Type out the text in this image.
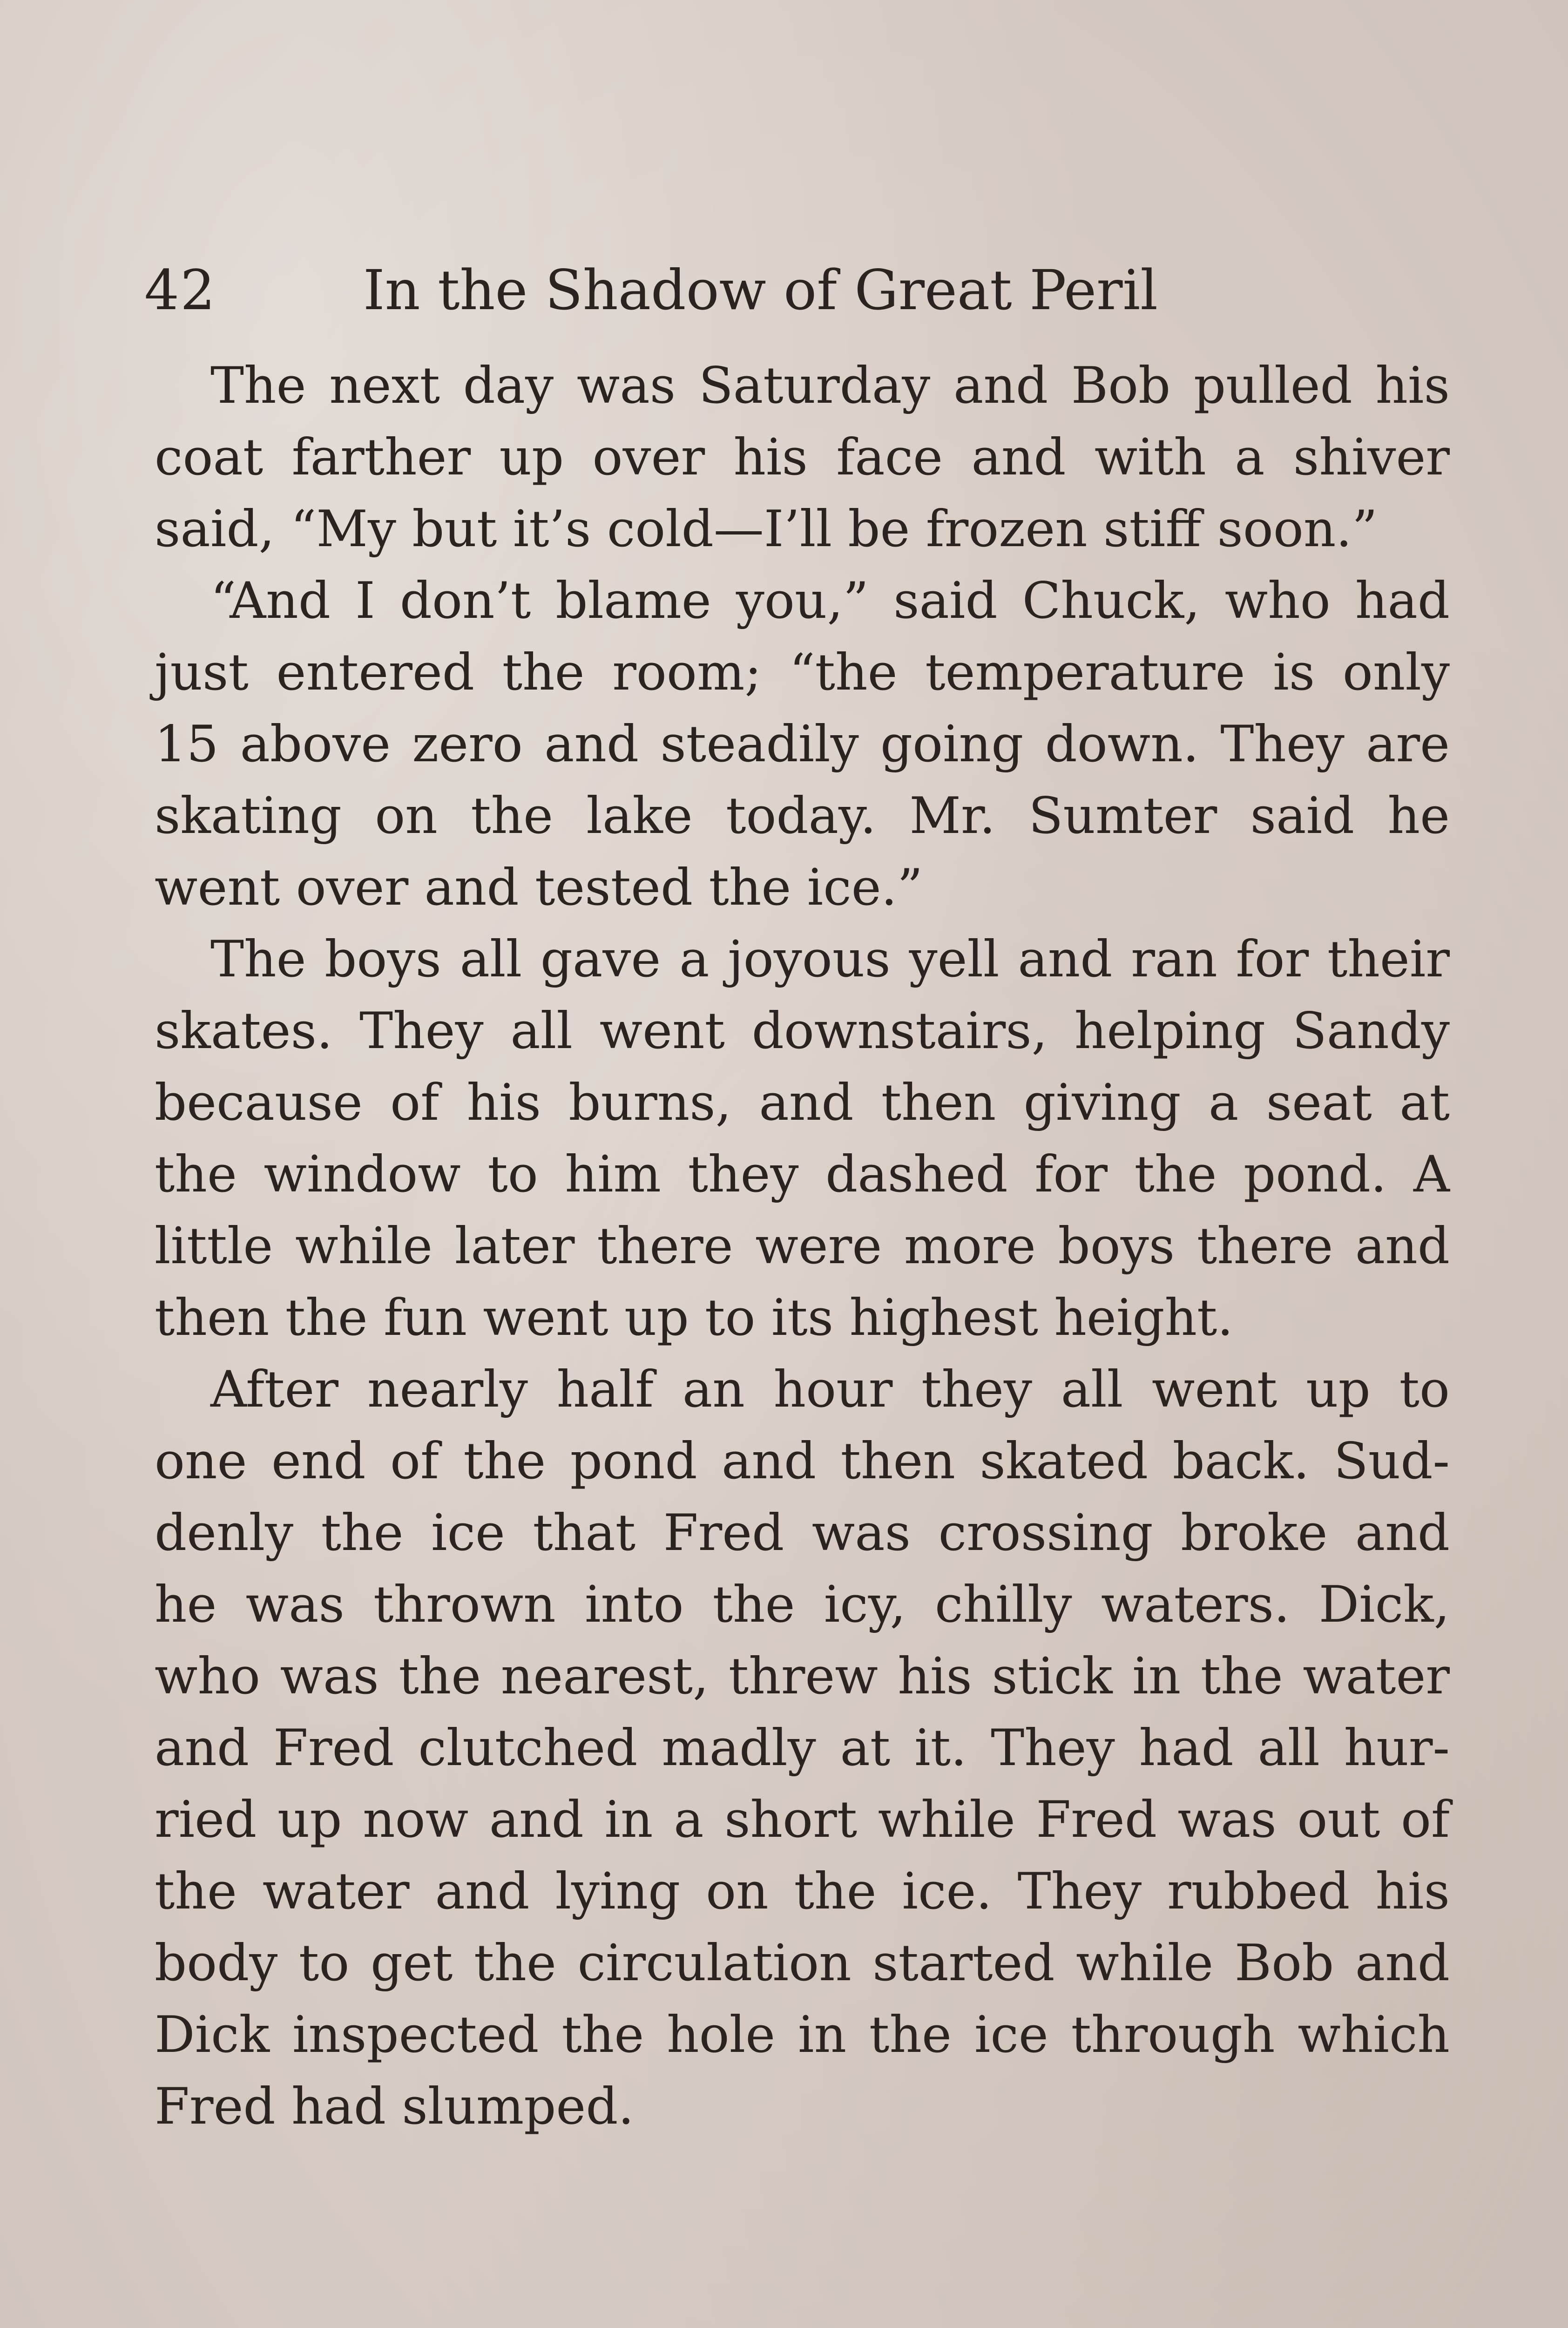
42	In the Shadow of Great Peril
The next day was Saturday and Bob pulled his
coat farther up over his face and with a shiver
said, “My but it’s cold—I’ll be frozen stiff soon.”
“And I don’t blame you,” said Chuck, who had
just entered the room; “the temperature is only
15 above zero and steadily going down. They are
skating on the lake today. Mr. Sumter said he
went over and tested the ice.”
The boys all gave a joyous yell and ran for their
skates. They all went downstairs, helping Sandy
because of his burns, and then giving a seat at
the window to him they dashed for the pond. A
little while later there were more boys there and
then the fun went up to its highest height.
After nearly half an hour they all went up to
one end of the pond and then skated back. Sud-
denly the ice that Fred was crossing broke and
he was thrown into the icy, chilly waters. Dick,
who was the nearest, threw his stick in the water
and Fred clutched madly at it. They had all hur-
ried up now and in a short while Fred was out of
the water and lying on the ice. They rubbed his
body to get the circulation started while Bob and
Dick inspected the hole in the ice through which
Fred had slumped.
